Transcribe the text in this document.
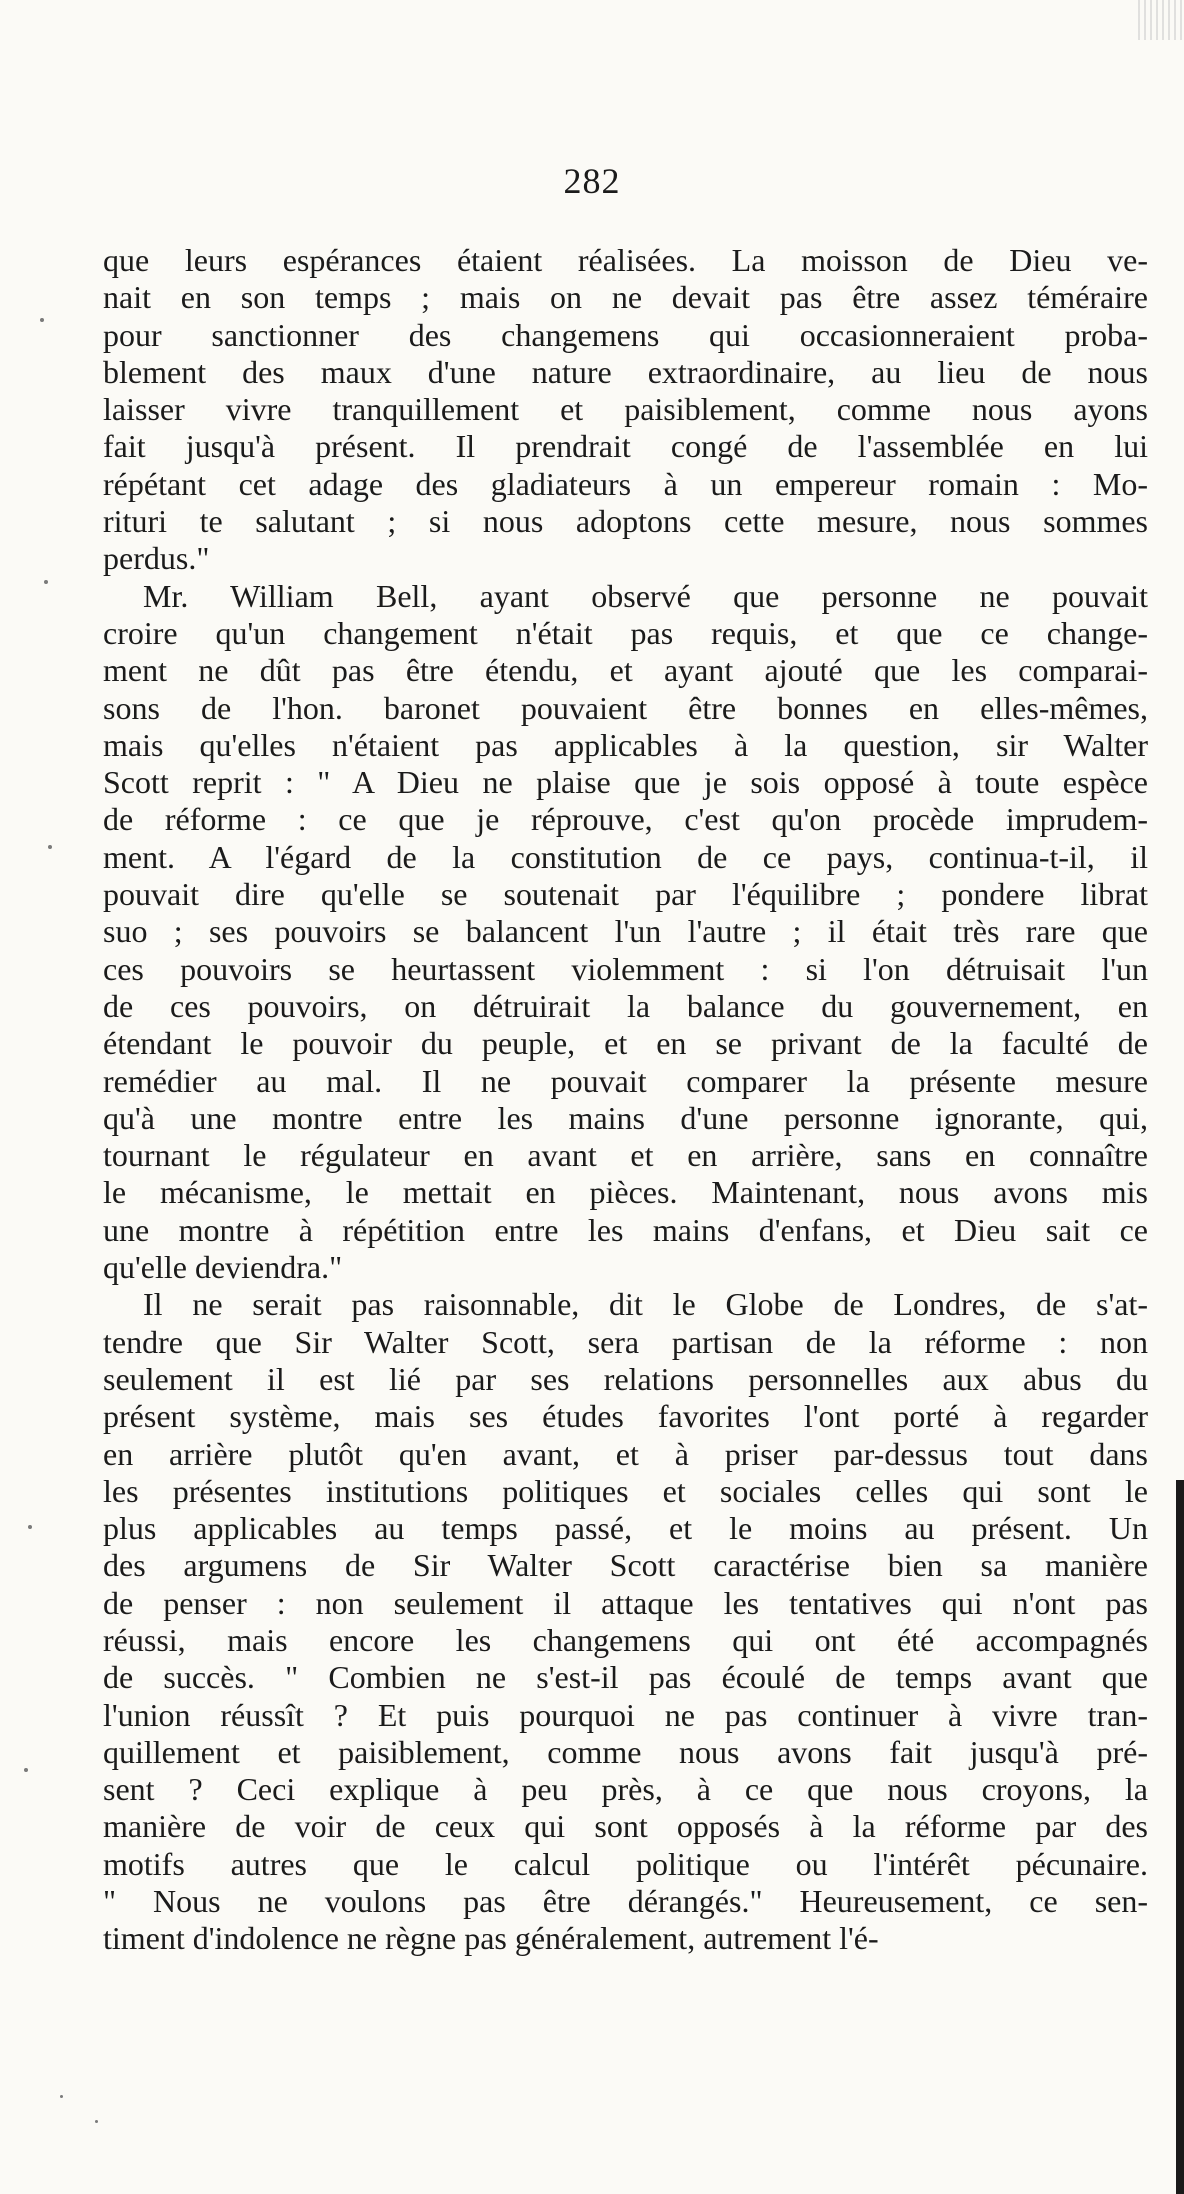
282
que leurs espérances étaient réalisées. La moisson de Dieu ve-
nait en son temps ; mais on ne devait pas être assez téméraire
pour sanctionner des changemens qui occasionneraient proba-
blement des maux d'une nature extraordinaire, au lieu de nous
laisser vivre tranquillement et paisiblement, comme nous ayons
fait jusqu'à présent. Il prendrait congé de l'assemblée en lui
répétant cet adage des gladiateurs à un empereur romain : Mo-
rituri te salutant ; si nous adoptons cette mesure, nous sommes
perdus."
Mr. William Bell, ayant observé que personne ne pouvait
croire qu'un changement n'était pas requis, et que ce change-
ment ne dût pas être étendu, et ayant ajouté que les comparai-
sons de l'hon. baronet pouvaient être bonnes en elles-mêmes,
mais qu'elles n'étaient pas applicables à la question, sir Walter
Scott reprit : " A Dieu ne plaise que je sois opposé à toute espèce
de réforme : ce que je réprouve, c'est qu'on procède imprudem-
ment. A l'égard de la constitution de ce pays, continua-t-il, il
pouvait dire qu'elle se soutenait par l'équilibre ; pondere librat
suo ; ses pouvoirs se balancent l'un l'autre ; il était très rare que
ces pouvoirs se heurtassent violemment : si l'on détruisait l'un
de ces pouvoirs, on détruirait la balance du gouvernement, en
étendant le pouvoir du peuple, et en se privant de la faculté de
remédier au mal. Il ne pouvait comparer la présente mesure
qu'à une montre entre les mains d'une personne ignorante, qui,
tournant le régulateur en avant et en arrière, sans en connaître
le mécanisme, le mettait en pièces. Maintenant, nous avons mis
une montre à répétition entre les mains d'enfans, et Dieu sait ce
qu'elle deviendra."
Il ne serait pas raisonnable, dit le Globe de Londres, de s'at-
tendre que Sir Walter Scott, sera partisan de la réforme : non
seulement il est lié par ses relations personnelles aux abus du
présent système, mais ses études favorites l'ont porté à regarder
en arrière plutôt qu'en avant, et à priser par-dessus tout dans
les présentes institutions politiques et sociales celles qui sont le
plus applicables au temps passé, et le moins au présent. Un
des argumens de Sir Walter Scott caractérise bien sa manière
de penser : non seulement il attaque les tentatives qui n'ont pas
réussi, mais encore les changemens qui ont été accompagnés
de succès. " Combien ne s'est-il pas écoulé de temps avant que
l'union réussît ? Et puis pourquoi ne pas continuer à vivre tran-
quillement et paisiblement, comme nous avons fait jusqu'à pré-
sent ? Ceci explique à peu près, à ce que nous croyons, la
manière de voir de ceux qui sont opposés à la réforme par des
motifs autres que le calcul politique ou l'intérêt pécunaire.
" Nous ne voulons pas être dérangés." Heureusement, ce sen-
timent d'indolence ne règne pas généralement, autrement l'é-
